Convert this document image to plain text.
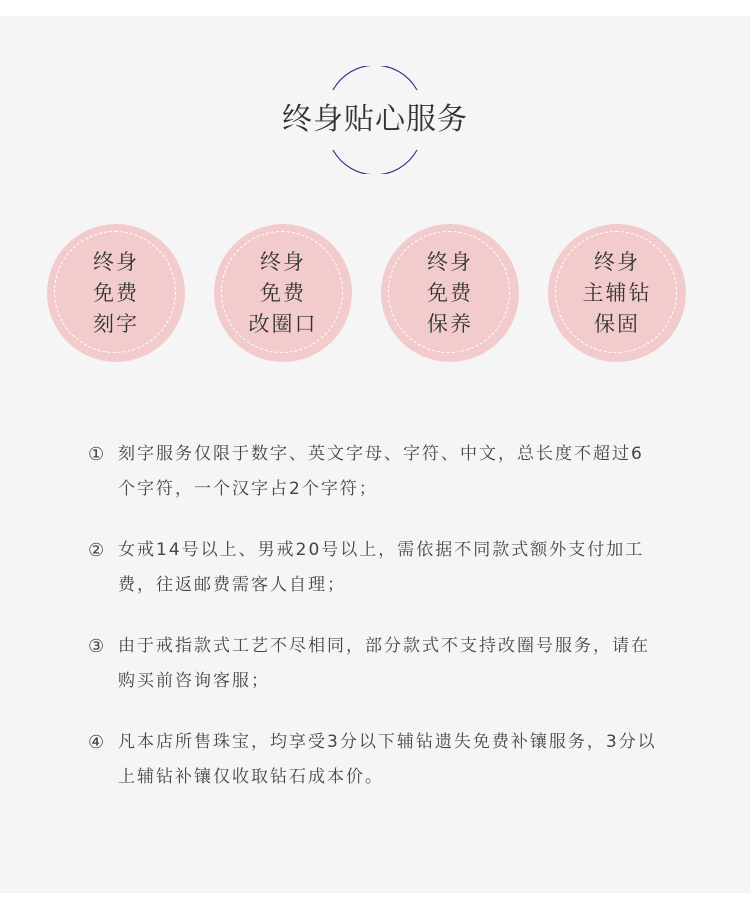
终身贴心服务
终身
免费
刻字
终身
免费
改圈口
终身
免费
保养
终身
主辅钻
保固
① 刻字服务仅限于数字、英文字母、字符、中文，总长度不超过6个字符，一个汉字占2个字符；
② 女戒14号以上、男戒20号以上，需依据不同款式额外支付加工费，往返邮费需客人自理；
③ 由于戒指款式工艺不尽相同，部分款式不支持改圈号服务，请在购买前咨询客服；
④ 凡本店所售珠宝，均享受3分以下辅钻遗失免费补镶服务，3分以上辅钻补镶仅收取钻石成本价。
